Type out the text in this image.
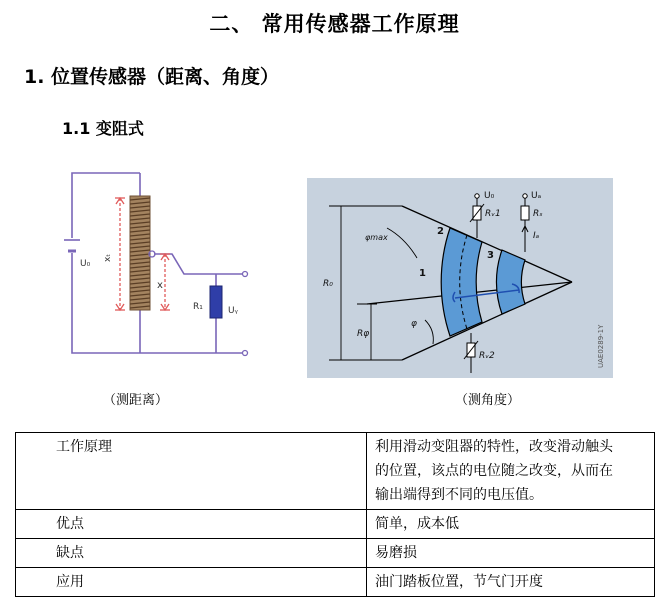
二、 常用传感器工作原理
1. 位置传感器（距离、角度）
1.1 变阻式
U₀
xₜ
x
R₁	Uᵧ
U₀	Uₐ
Rᵥ1	Rₛ
Iₐ
1
2
3
φmax
R₀
Rφ
φ
Rᵥ2	UAE0289-1Y
（测距离）	（测角度）
工作原理	利用滑动变阻器的特性，改变滑动触头
的位置，该点的电位随之改变，从而在
输出端得到不同的电压值。

优点	简单，成本低

缺点	易磨损

应用	油门踏板位置，节气门开度
